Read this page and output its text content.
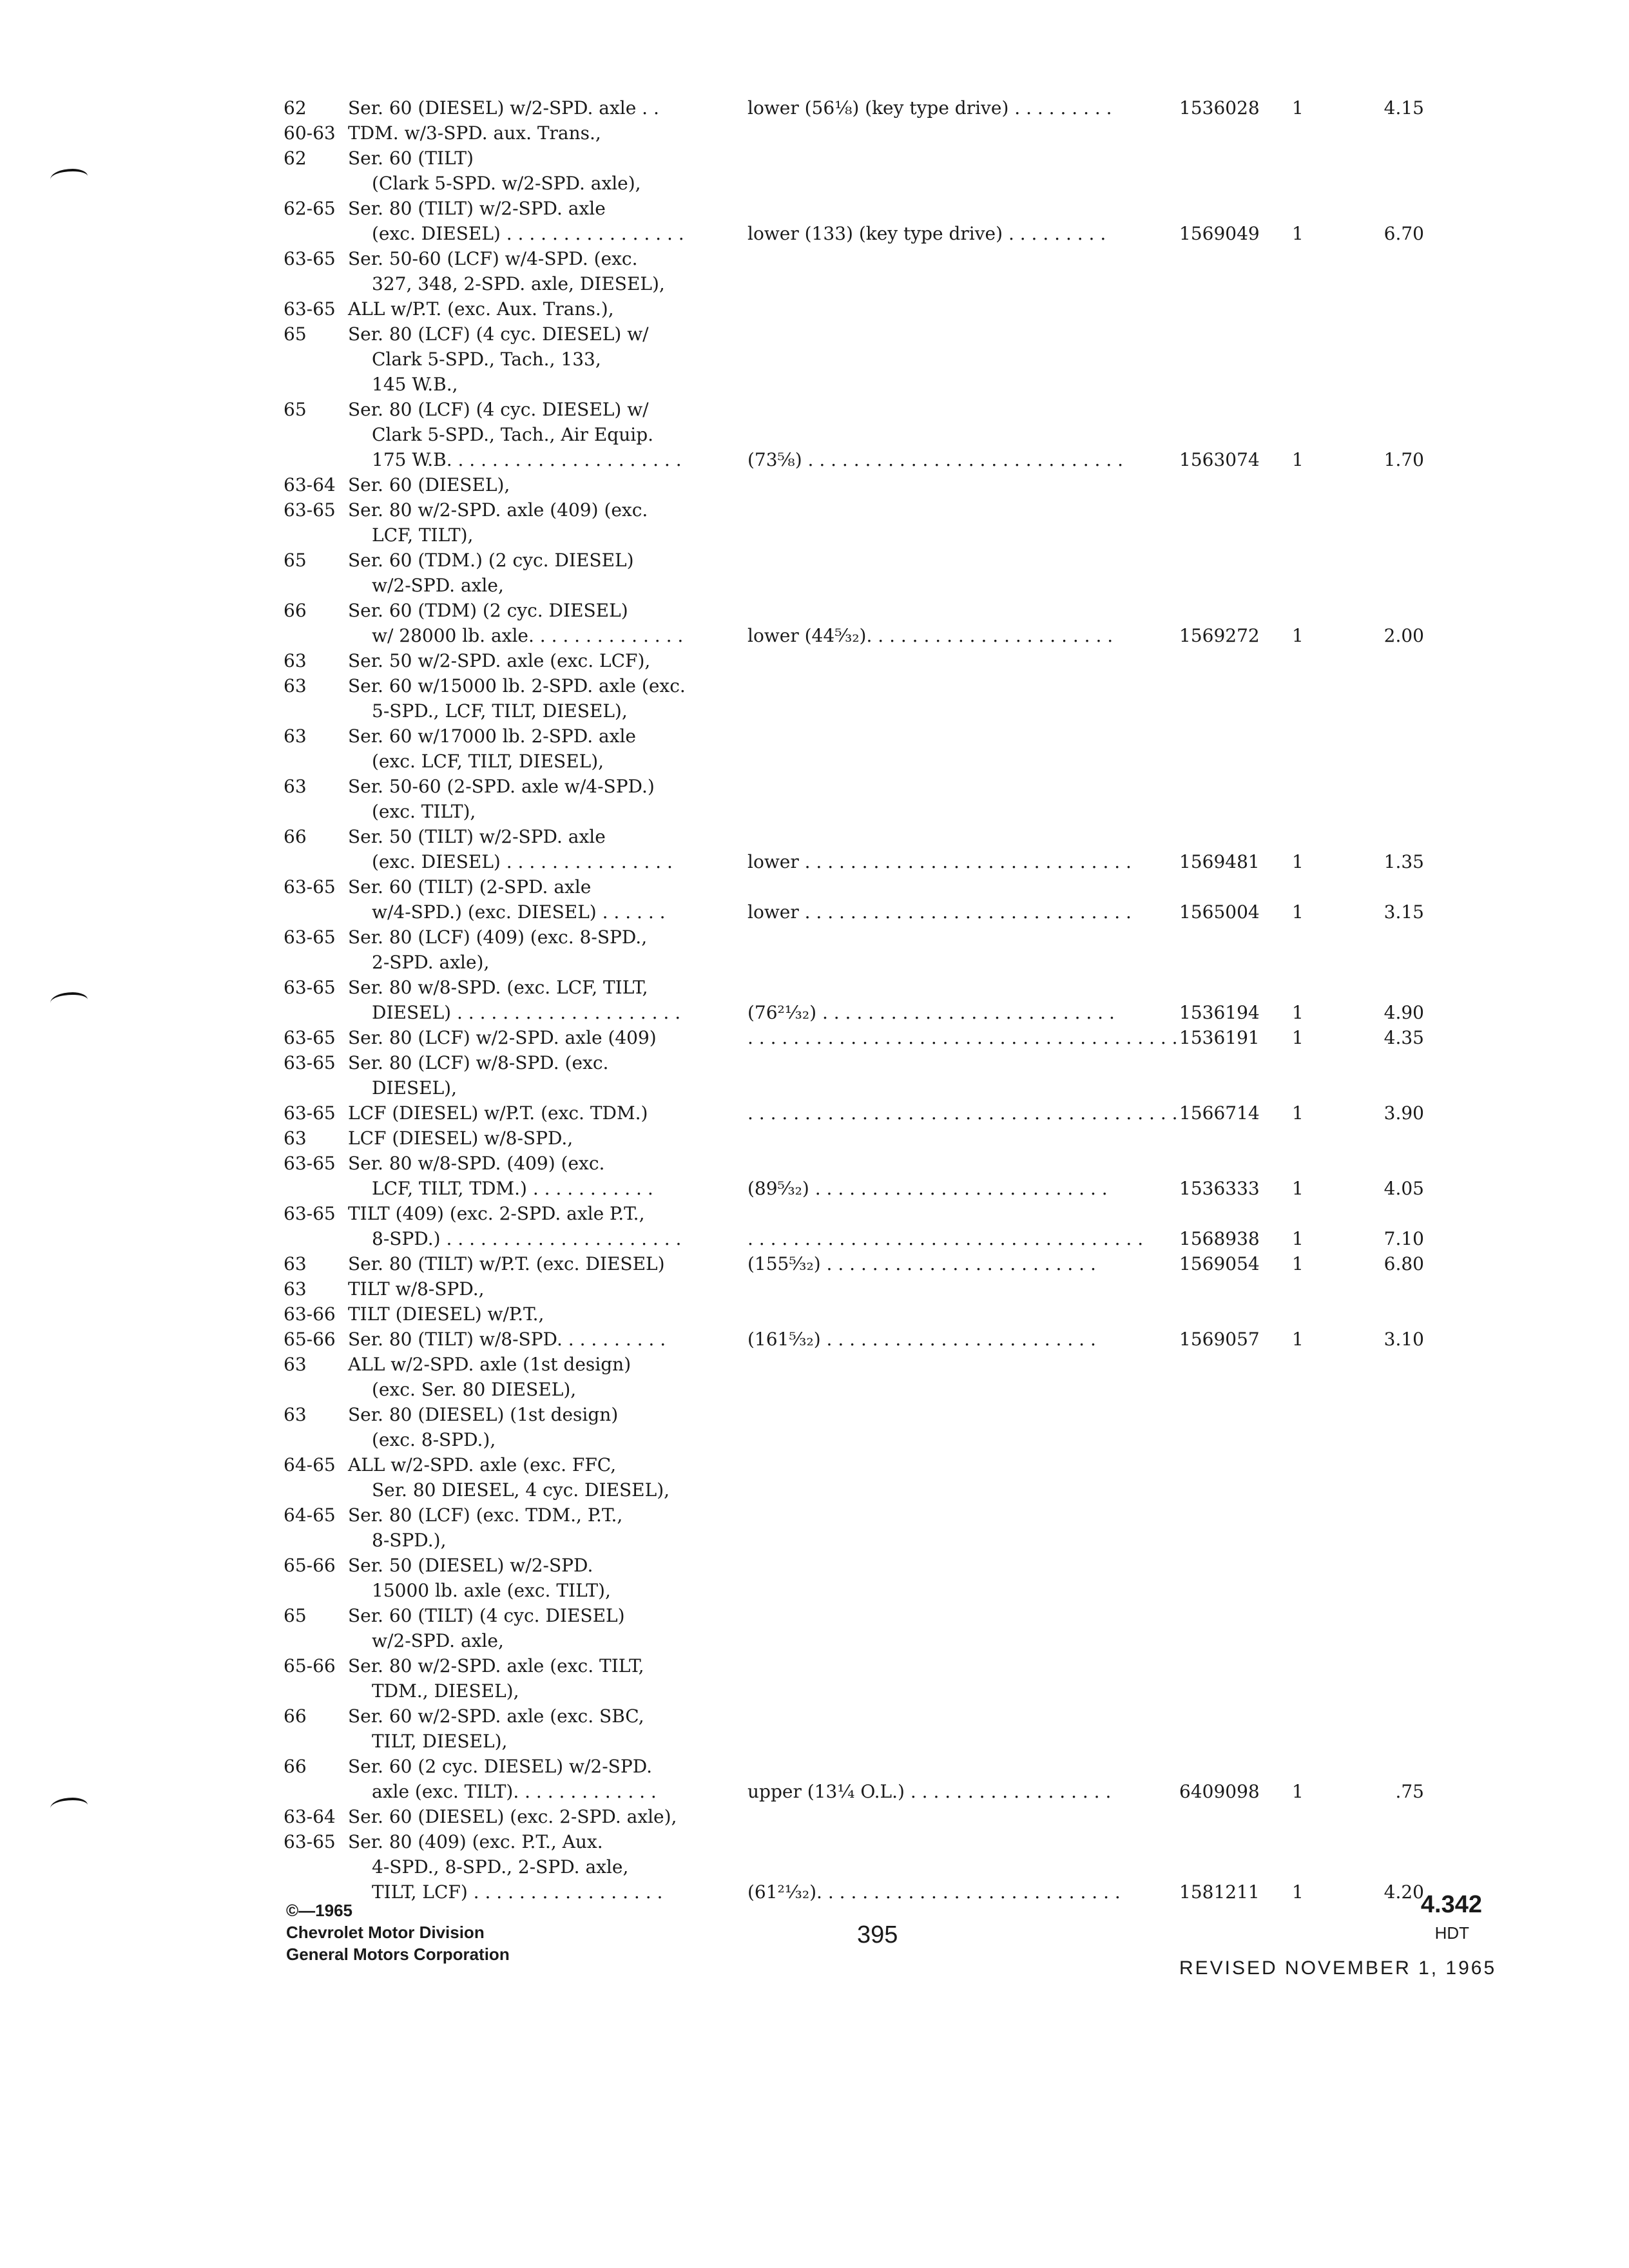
62 Ser. 60 (DIESEL) w/2-SPD. axle . .	lower (56⅛) (key type drive) . . . . . . . . .	1536028 1	4.15
60-63 TDM. w/3-SPD. aux. Trans.,
62 Ser. 60 (TILT)
(Clark 5-SPD. w/2-SPD. axle),
62-65 Ser. 80 (TILT) w/2-SPD. axle
(exc. DIESEL) . . . . . . . . . . . . . . . .	lower (133) (key type drive) . . . . . . . . .	1569049 1	6.70
63-65 Ser. 50-60 (LCF) w/4-SPD. (exc.
327, 348, 2-SPD. axle, DIESEL),
63-65 ALL w/P.T. (exc. Aux. Trans.),
65 Ser. 80 (LCF) (4 cyc. DIESEL) w/
Clark 5-SPD., Tach., 133,
145 W.B.,
65 Ser. 80 (LCF) (4 cyc. DIESEL) w/
Clark 5-SPD., Tach., Air Equip.
175 W.B. . . . . . . . . . . . . . . . . . . . .	(73⅝) . . . . . . . . . . . . . . . . . . . . . . . . . . . .	1563074 1	1.70
63-64 Ser. 60 (DIESEL),
63-65 Ser. 80 w/2-SPD. axle (409) (exc.
LCF, TILT),
65 Ser. 60 (TDM.) (2 cyc. DIESEL)
w/2-SPD. axle,
66 Ser. 60 (TDM) (2 cyc. DIESEL)
w/ 28000 lb. axle. . . . . . . . . . . . . .	lower (44⁵⁄₃₂). . . . . . . . . . . . . . . . . . . . . .	1569272 1	2.00
63 Ser. 50 w/2-SPD. axle (exc. LCF),
63 Ser. 60 w/15000 lb. 2-SPD. axle (exc.
5-SPD., LCF, TILT, DIESEL),
63 Ser. 60 w/17000 lb. 2-SPD. axle
(exc. LCF, TILT, DIESEL),
63 Ser. 50-60 (2-SPD. axle w/4-SPD.)
(exc. TILT),
66 Ser. 50 (TILT) w/2-SPD. axle
(exc. DIESEL) . . . . . . . . . . . . . . .	lower . . . . . . . . . . . . . . . . . . . . . . . . . . . . .	1569481 1	1.35
63-65 Ser. 60 (TILT) (2-SPD. axle
w/4-SPD.) (exc. DIESEL) . . . . . .	lower . . . . . . . . . . . . . . . . . . . . . . . . . . . . .	1565004 1	3.15
63-65 Ser. 80 (LCF) (409) (exc. 8-SPD.,
2-SPD. axle),
63-65 Ser. 80 w/8-SPD. (exc. LCF, TILT,
DIESEL) . . . . . . . . . . . . . . . . . . . .	(76²¹⁄₃₂) . . . . . . . . . . . . . . . . . . . . . . . . . .	1536194 1	4.90
63-65 Ser. 80 (LCF) w/2-SPD. axle (409)	. . . . . . . . . . . . . . . . . . . . . . . . . . . . . . . . . . . . . . 1536191 1	4.35
63-65 Ser. 80 (LCF) w/8-SPD. (exc.
DIESEL),
63-65 LCF (DIESEL) w/P.T. (exc. TDM.)	. . . . . . . . . . . . . . . . . . . . . . . . . . . . . . . . . . . . . . 1566714 1	3.90
63 LCF (DIESEL) w/8-SPD.,
63-65 Ser. 80 w/8-SPD. (409) (exc.
LCF, TILT, TDM.) . . . . . . . . . . .	(89⁵⁄₃₂) . . . . . . . . . . . . . . . . . . . . . . . . . .	1536333 1	4.05
63-65 TILT (409) (exc. 2-SPD. axle P.T.,
8-SPD.) . . . . . . . . . . . . . . . . . . . . .	. . . . . . . . . . . . . . . . . . . . . . . . . . . . . . . . . . .	1568938 1	7.10
63 Ser. 80 (TILT) w/P.T. (exc. DIESEL)	(155⁵⁄₃₂) . . . . . . . . . . . . . . . . . . . . . . . .	1569054 1	6.80
63 TILT w/8-SPD.,
63-66 TILT (DIESEL) w/P.T.,
65-66 Ser. 80 (TILT) w/8-SPD. . . . . . . . . .	(161⁵⁄₃₂) . . . . . . . . . . . . . . . . . . . . . . . .	1569057 1	3.10
63 ALL w/2-SPD. axle (1st design)
(exc. Ser. 80 DIESEL),
63 Ser. 80 (DIESEL) (1st design)
(exc. 8-SPD.),
64-65 ALL w/2-SPD. axle (exc. FFC,
Ser. 80 DIESEL, 4 cyc. DIESEL),
64-65 Ser. 80 (LCF) (exc. TDM., P.T.,
8-SPD.),
65-66 Ser. 50 (DIESEL) w/2-SPD.
15000 lb. axle (exc. TILT),
65 Ser. 60 (TILT) (4 cyc. DIESEL)
w/2-SPD. axle,
65-66 Ser. 80 w/2-SPD. axle (exc. TILT,
TDM., DIESEL),
66 Ser. 60 w/2-SPD. axle (exc. SBC,
TILT, DIESEL),
66 Ser. 60 (2 cyc. DIESEL) w/2-SPD.
axle (exc. TILT). . . . . . . . . . . . .	upper (13¼ O.L.) . . . . . . . . . . . . . . . . . .	6409098 1	.75
63-64 Ser. 60 (DIESEL) (exc. 2-SPD. axle),
63-65 Ser. 80 (409) (exc. P.T., Aux.
4-SPD., 8-SPD., 2-SPD. axle,
TILT, LCF) . . . . . . . . . . . . . . . . .	(61²¹⁄₃₂). . . . . . . . . . . . . . . . . . . . . . . . . . .	1581211 1	4.20
©—1965
Chevrolet Motor Division
General Motors Corporation
395
4.342
HDT
REVISED NOVEMBER 1, 1965
